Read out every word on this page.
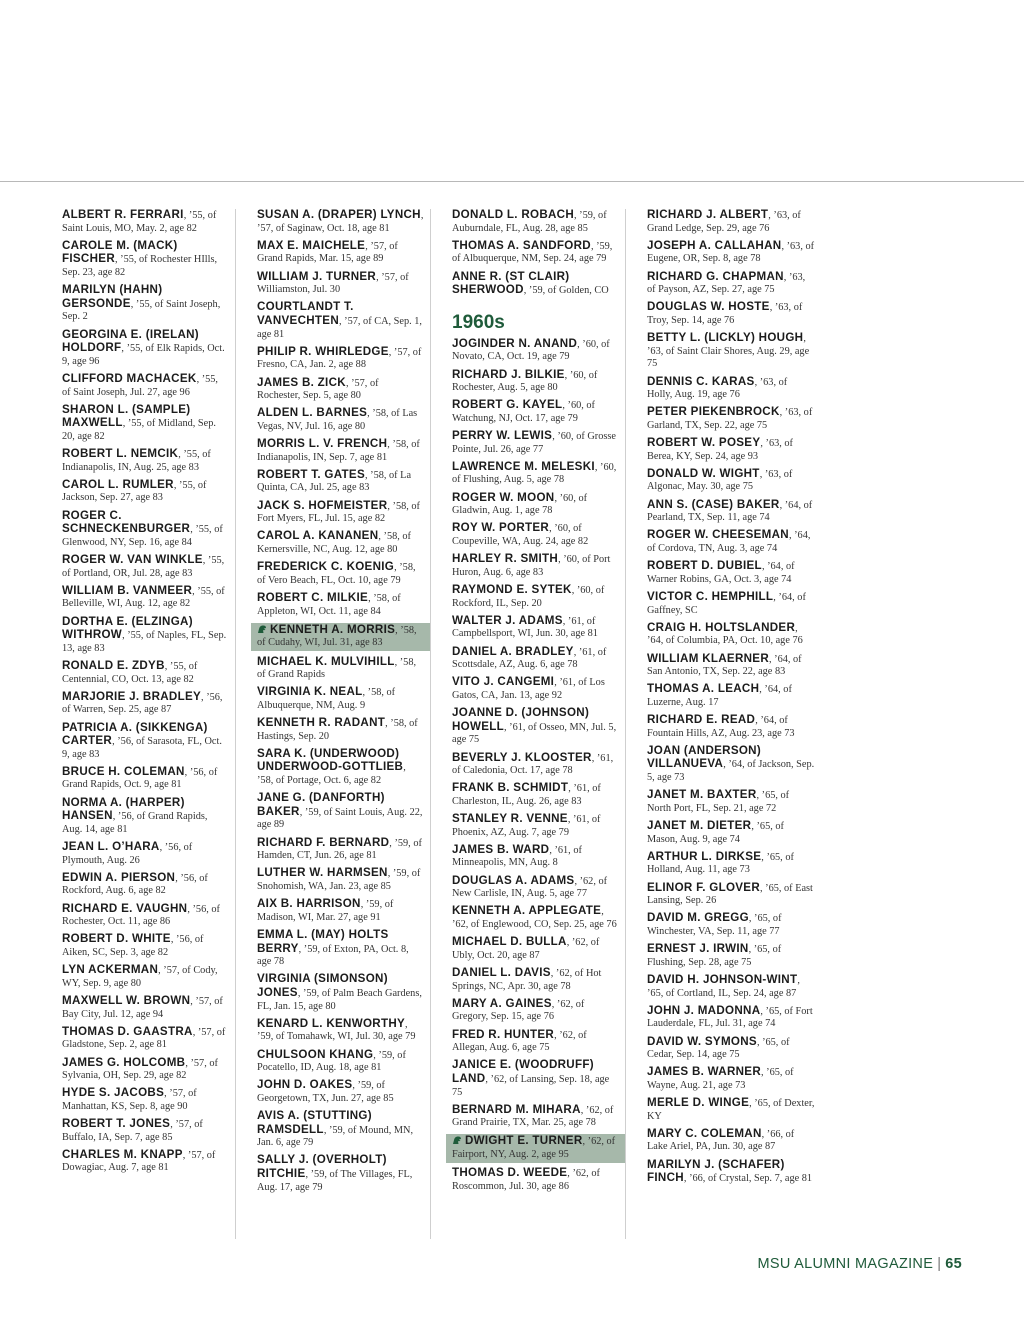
ALBERT R. FERRARI, ’55, of Saint Louis, MO, May. 2, age 82
CAROLE M. (MACK) FISCHER, ’55, of Rochester HIlls, Sep. 23, age 82
MARILYN (HAHN) GERSONDE, ’55, of Saint Joseph, Sep. 2
GEORGINA E. (IRELAN) HOLDORF, ’55, of Elk Rapids, Oct. 9, age 96
CLIFFORD MACHACEK, ’55, of Saint Joseph, Jul. 27, age 96
SHARON L. (SAMPLE) MAXWELL, ’55, of Midland, Sep. 20, age 82
ROBERT L. NEMCIK, ’55, of Indianapolis, IN, Aug. 25, age 83
CAROL L. RUMLER, ’55, of Jackson, Sep. 27, age 83
ROGER C. SCHNECKENBURGER, ’55, of Glenwood, NY, Sep. 16, age 84
ROGER W. VAN WINKLE, ’55, of Portland, OR, Jul. 28, age 83
WILLIAM B. VANMEER, ’55, of Belleville, WI, Aug. 12, age 82
DORTHA E. (ELZINGA) WITHROW, ’55, of Naples, FL, Sep. 13, age 83
RONALD E. ZDYB, ’55, of Centennial, CO, Oct. 13, age 82
MARJORIE J. BRADLEY, ’56, of Warren, Sep. 25, age 87
PATRICIA A. (SIKKENGA) CARTER, ’56, of Sarasota, FL, Oct. 9, age 83
BRUCE H. COLEMAN, ’56, of Grand Rapids, Oct. 9, age 81
NORMA A. (HARPER) HANSEN, ’56, of Grand Rapids, Aug. 14, age 81
JEAN L. O’HARA, ’56, of Plymouth, Aug. 26
EDWIN A. PIERSON, ’56, of Rockford, Aug. 6, age 82
RICHARD E. VAUGHN, ’56, of Rochester, Oct. 11, age 86
ROBERT D. WHITE, ’56, of Aiken, SC, Sep. 3, age 82
LYN ACKERMAN, ’57, of Cody, WY, Sep. 9, age 80
MAXWELL W. BROWN, ’57, of Bay City, Jul. 12, age 94
THOMAS D. GAASTRA, ’57, of Gladstone, Sep. 2, age 81
JAMES G. HOLCOMB, ’57, of Sylvania, OH, Sep. 29, age 82
HYDE S. JACOBS, ’57, of Manhattan, KS, Sep. 8, age 90
ROBERT T. JONES, ’57, of Buffalo, IA, Sep. 7, age 85
CHARLES M. KNAPP, ’57, of Dowagiac, Aug. 7, age 81
SUSAN A. (DRAPER) LYNCH, ’57, of Saginaw, Oct. 18, age 81
MAX E. MAICHELE, ’57, of Grand Rapids, Mar. 15, age 89
WILLIAM J. TURNER, ’57, of Williamston, Jul. 30
COURTLANDT T. VANVECHTEN, ’57, of CA, Sep. 1, age 81
PHILIP R. WHIRLEDGE, ’57, of Fresno, CA, Jan. 2, age 88
JAMES B. ZICK, ’57, of Rochester, Sep. 5, age 80
ALDEN L. BARNES, ’58, of Las Vegas, NV, Jul. 16, age 80
MORRIS L. V. FRENCH, ’58, of Indianapolis, IN, Sep. 7, age 81
ROBERT T. GATES, ’58, of La Quinta, CA, Jul. 25, age 83
JACK S. HOFMEISTER, ’58, of Fort Myers, FL, Jul. 15, age 82
CAROL A. KANANEN, ’58, of Kernersville, NC, Aug. 12, age 80
FREDERICK C. KOENIG, ’58, of Vero Beach, FL, Oct. 10, age 79
ROBERT C. MILKIE, ’58, of Appleton, WI, Oct. 11, age 84
KENNETH A. MORRIS, ’58, of Cudahy, WI, Jul. 31, age 83
MICHAEL K. MULVIHILL, ’58, of Grand Rapids
VIRGINIA K. NEAL, ’58, of Albuquerque, NM, Aug. 9
KENNETH R. RADANT, ’58, of Hastings, Sep. 20
SARA K. (UNDERWOOD) UNDERWOOD-GOTTLIEB, ’58, of Portage, Oct. 6, age 82
JANE G. (DANFORTH) BAKER, ’59, of Saint Louis, Aug. 22, age 89
RICHARD F. BERNARD, ’59, of Hamden, CT, Jun. 26, age 81
LUTHER W. HARMSEN, ’59, of Snohomish, WA, Jan. 23, age 85
AIX B. HARRISON, ’59, of Madison, WI, Mar. 27, age 91
EMMA L. (MAY) HOLTS BERRY, ’59, of Exton, PA, Oct. 8, age 78
VIRGINIA (SIMONSON) JONES, ’59, of Palm Beach Gardens, FL, Jan. 15, age 80
KENARD L. KENWORTHY, ’59, of Tomahawk, WI, Jul. 30, age 79
CHULSOON KHANG, ’59, of Pocatello, ID, Aug. 18, age 81
JOHN D. OAKES, ’59, of Georgetown, TX, Jun. 27, age 85
AVIS A. (STUTTING) RAMSDELL, ’59, of Mound, MN, Jan. 6, age 79
SALLY J. (OVERHOLT) RITCHIE, ’59, of The Villages, FL, Aug. 17, age 79
DONALD L. ROBACH, ’59, of Auburndale, FL, Aug. 28, age 85
THOMAS A. SANDFORD, ’59, of Albuquerque, NM, Sep. 24, age 79
ANNE R. (ST CLAIR) SHERWOOD, ’59, of Golden, CO
1960s
JOGINDER N. ANAND, ’60, of Novato, CA, Oct. 19, age 79
RICHARD J. BILKIE, ’60, of Rochester, Aug. 5, age 80
ROBERT G. KAYEL, ’60, of Watchung, NJ, Oct. 17, age 79
PERRY W. LEWIS, ’60, of Grosse Pointe, Jul. 26, age 77
LAWRENCE M. MELESKI, ’60, of Flushing, Aug. 5, age 78
ROGER W. MOON, ’60, of Gladwin, Aug. 1, age 78
ROY W. PORTER, ’60, of Coupeville, WA, Aug. 24, age 82
HARLEY R. SMITH, ’60, of Port Huron, Aug. 6, age 83
RAYMOND E. SYTEK, ’60, of Rockford, IL, Sep. 20
WALTER J. ADAMS, ’61, of Campbellsport, WI, Jun. 30, age 81
DANIEL A. BRADLEY, ’61, of Scottsdale, AZ, Aug. 6, age 78
VITO J. CANGEMI, ’61, of Los Gatos, CA, Jan. 13, age 92
JOANNE D. (JOHNSON) HOWELL, ’61, of Osseo, MN, Jul. 5, age 75
BEVERLY J. KLOOSTER, ’61, of Caledonia, Oct. 17, age 78
FRANK B. SCHMIDT, ’61, of Charleston, IL, Aug. 26, age 83
STANLEY R. VENNE, ’61, of Phoenix, AZ, Aug. 7, age 79
JAMES B. WARD, ’61, of Minneapolis, MN, Aug. 8
DOUGLAS A. ADAMS, ’62, of New Carlisle, IN, Aug. 5, age 77
KENNETH A. APPLEGATE, ’62, of Englewood, CO, Sep. 25, age 76
MICHAEL D. BULLA, ’62, of Ubly, Oct. 20, age 87
DANIEL L. DAVIS, ’62, of Hot Springs, NC, Apr. 30, age 78
MARY A. GAINES, ’62, of Gregory, Sep. 15, age 76
FRED R. HUNTER, ’62, of Allegan, Aug. 6, age 75
JANICE E. (WOODRUFF) LAND, ’62, of Lansing, Sep. 18, age 75
BERNARD M. MIHARA, ’62, of Grand Prairie, TX, Mar. 25, age 78
DWIGHT E. TURNER, ’62, of Fairport, NY, Aug. 2, age 95
THOMAS D. WEEDE, ’62, of Roscommon, Jul. 30, age 86
RICHARD J. ALBERT, ’63, of Grand Ledge, Sep. 29, age 76
JOSEPH A. CALLAHAN, ’63, of Eugene, OR, Sep. 8, age 78
RICHARD G. CHAPMAN, ’63, of Payson, AZ, Sep. 27, age 75
DOUGLAS W. HOSTE, ’63, of Troy, Sep. 14, age 76
BETTY L. (LICKLY) HOUGH, ’63, of Saint Clair Shores, Aug. 29, age 75
DENNIS C. KARAS, ’63, of Holly, Aug. 19, age 76
PETER PIEKENBROCK, ’63, of Garland, TX, Sep. 22, age 75
ROBERT W. POSEY, ’63, of Berea, KY, Sep. 24, age 93
DONALD W. WIGHT, ’63, of Algonac, May. 30, age 75
ANN S. (CASE) BAKER, ’64, of Pearland, TX, Sep. 11, age 74
ROGER W. CHEESEMAN, ’64, of Cordova, TN, Aug. 3, age 74
ROBERT D. DUBIEL, ’64, of Warner Robins, GA, Oct. 3, age 74
VICTOR C. HEMPHILL, ’64, of Gaffney, SC
CRAIG H. HOLTSLANDER, ’64, of Columbia, PA, Oct. 10, age 76
WILLIAM KLAERNER, ’64, of San Antonio, TX, Sep. 22, age 83
THOMAS A. LEACH, ’64, of Luzerne, Aug. 17
RICHARD E. READ, ’64, of Fountain Hills, AZ, Aug. 23, age 73
JOAN (ANDERSON) VILLANUEVA, ’64, of Jackson, Sep. 5, age 73
JANET M. BAXTER, ’65, of North Port, FL, Sep. 21, age 72
JANET M. DIETER, ’65, of Mason, Aug. 9, age 74
ARTHUR L. DIRKSE, ’65, of Holland, Aug. 11, age 73
ELINOR F. GLOVER, ’65, of East Lansing, Sep. 26
DAVID M. GREGG, ’65, of Winchester, VA, Sep. 11, age 77
ERNEST J. IRWIN, ’65, of Flushing, Sep. 28, age 75
DAVID H. JOHNSON-WINT, ’65, of Cortland, IL, Sep. 24, age 87
JOHN J. MADONNA, ’65, of Fort Lauderdale, FL, Jul. 31, age 74
DAVID W. SYMONS, ’65, of Cedar, Sep. 14, age 75
JAMES B. WARNER, ’65, of Wayne, Aug. 21, age 73
MERLE D. WINGE, ’65, of Dexter, KY
MARY C. COLEMAN, ’66, of Lake Ariel, PA, Jun. 30, age 87
MARILYN J. (SCHAFER) FINCH, ’66, of Crystal, Sep. 7, age 81
MSU ALUMNI MAGAZINE | 65
